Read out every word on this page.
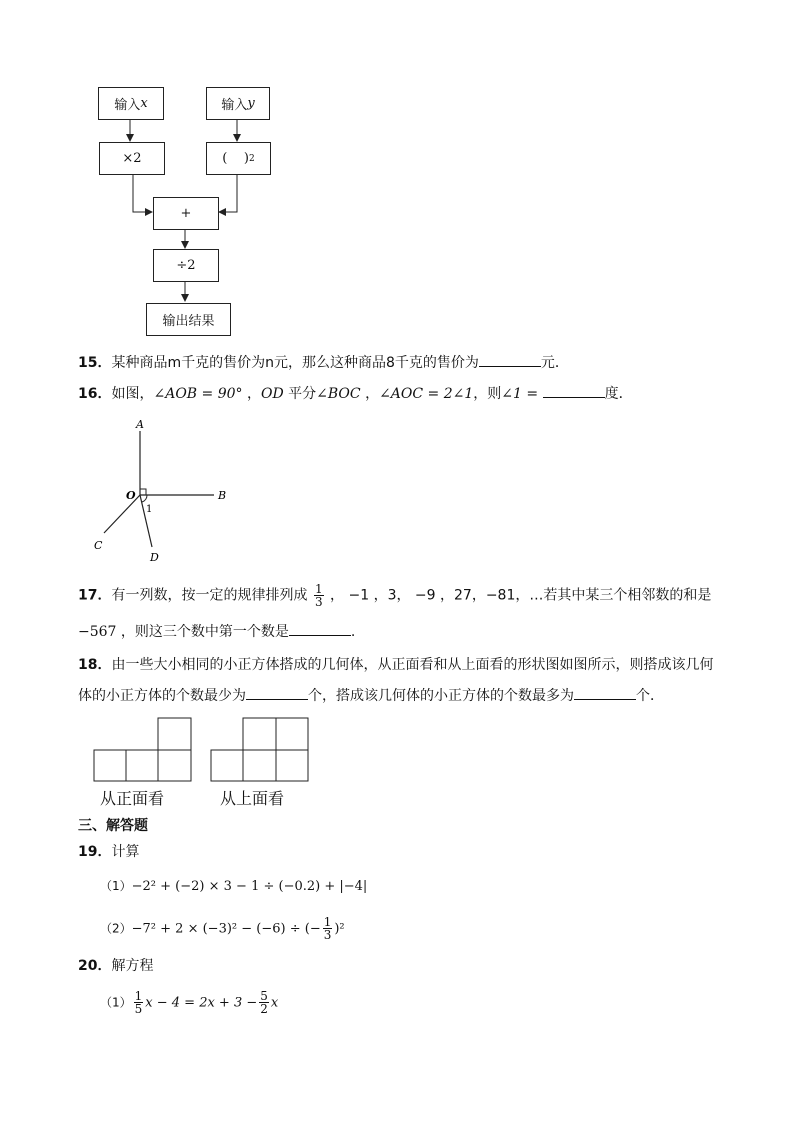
输入 x	输入 y
×2	(    ) 2
+
÷2
输出结果
15．某种商品m千克的售价为n元，那么这种商品8千克的售价为	元．
16．如图，∠AOB = 90° ，OD 平分∠BOC ，∠AOC = 2∠1，则∠1 =	度．
A
B
C
D
O
1
17．有一列数，按一定的规律排列成 $\frac{1}{3}$ ， −1 ，3， −9 ，27，−81，…若其中某三个相邻数的和是
−567 ，则这三个数中第一个数是	.
18．由一些大小相同的小正方体搭成的几何体，从正面看和从上面看的形状图如图所示，则搭成该几何
体的小正方体的个数最少为	个，搭成该几何体的小正方体的个数最多为	个．
从正面看	从上面看
三、解答题
19．计算
（1）−2² + (−2) × 3 − 1 ÷ (−0.2) + |−4|
（2）−7² + 2 × (−3)² − (−6) ÷ (− $\frac{1}{3} )^2$
20．解方程
$(1) \frac{1}{5}$ $x - 4 = 2x + 3 - \frac{5}{2}$ x
